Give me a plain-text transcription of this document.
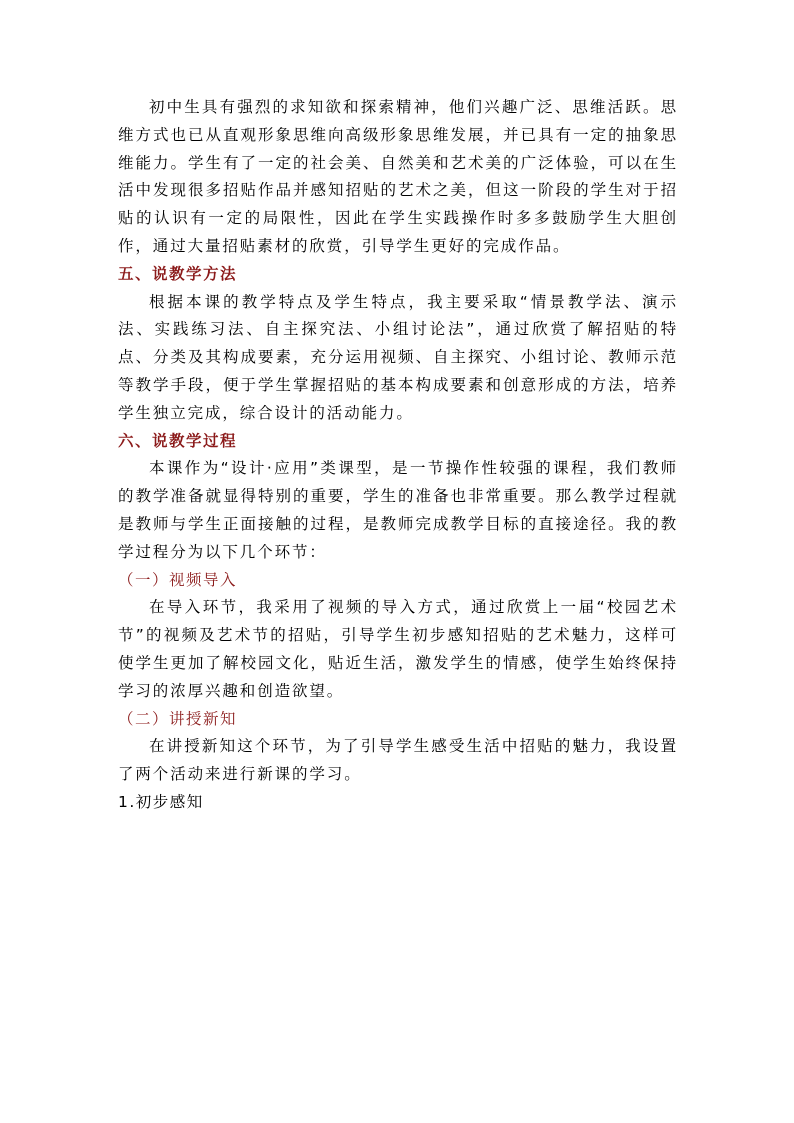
初中生具有强烈的求知欲和探索精神，他们兴趣广泛、思维活跃。思维方式也已从直观形象思维向高级形象思维发展，并已具有一定的抽象思维能力。学生有了一定的社会美、自然美和艺术美的广泛体验，可以在生活中发现很多招贴作品并感知招贴的艺术之美，但这一阶段的学生对于招贴的认识有一定的局限性，因此在学生实践操作时多多鼓励学生大胆创作，通过大量招贴素材的欣赏，引导学生更好的完成作品。

五、说教学方法

根据本课的教学特点及学生特点，我主要采取“情景教学法、演示法、实践练习法、自主探究法、小组讨论法”，通过欣赏了解招贴的特点、分类及其构成要素，充分运用视频、自主探究、小组讨论、教师示范等教学手段，便于学生掌握招贴的基本构成要素和创意形成的方法，培养学生独立完成，综合设计的活动能力。

六、说教学过程

本课作为“设计·应用”类课型，是一节操作性较强的课程，我们教师的教学准备就显得特别的重要，学生的准备也非常重要。那么教学过程就是教师与学生正面接触的过程，是教师完成教学目标的直接途径。我的教学过程分为以下几个环节：

（一）视频导入

在导入环节，我采用了视频的导入方式，通过欣赏上一届“校园艺术节”的视频及艺术节的招贴，引导学生初步感知招贴的艺术魅力，这样可使学生更加了解校园文化，贴近生活，激发学生的情感，使学生始终保持学习的浓厚兴趣和创造欲望。

（二）讲授新知

在讲授新知这个环节，为了引导学生感受生活中招贴的魅力，我设置了两个活动来进行新课的学习。

1.初步感知
